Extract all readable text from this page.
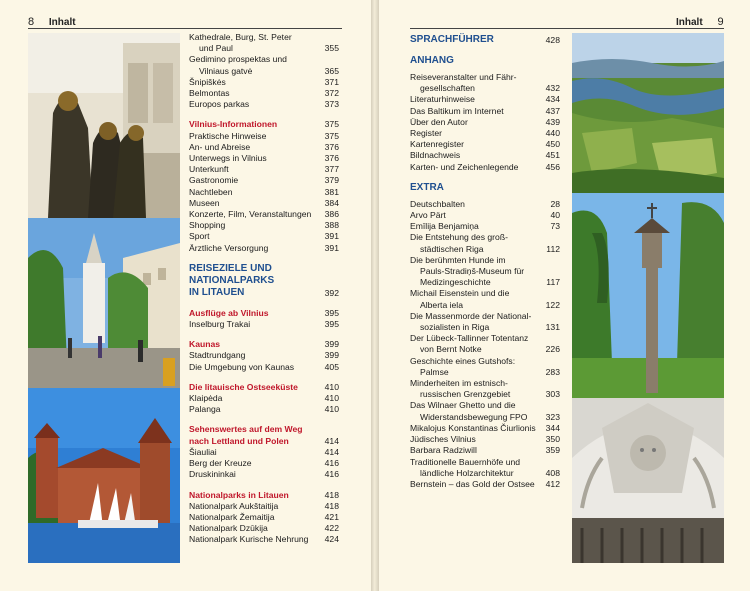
8 Inhalt	Inhalt 9
Kathedrale, Burg, St. Peter
und Paul	355
Gedimino prospektas und
Vilniaus gatvė	365
Šnipiškės	371
Belmontas	372
Europos parkas	373
Vilnius-Informationen	375
Praktische Hinweise	375
An- und Abreise	376
Unterwegs in Vilnius	376
Unterkunft	377
Gastronomie	379
Nachtleben	381
Museen	384
Konzerte, Film, Veranstaltungen	386
Shopping	388
Sport	391
Ärztliche Versorgung	391
REISEZIELE UND
NATIONALPARKS
IN LITAUEN	392
Ausflüge ab Vilnius	395
Inselburg Trakai	395
Kaunas	399
Stadtrundgang	399
Die Umgebung von Kaunas	405
Die litauische Ostseeküste	410
Klaipėda	410
Palanga	410
Sehenswertes auf dem Weg
nach Lettland und Polen	414
Šiauliai	414
Berg der Kreuze	416
Druskininkai	416
Nationalparks in Litauen	418
Nationalpark Aukštaitija	418
Nationalpark Žemaitija	421
Nationalpark Dzūkija	422
Nationalpark Kurische Nehrung	424
SPRACHFÜHRER	428
ANHANG
Reiseveranstalter und Fähr-
gesellschaften	432
Literaturhinweise	434
Das Baltikum im Internet	437
Über den Autor	439
Register	440
Kartenregister	450
Bildnachweis	451
Karten- und Zeichenlegende	456
EXTRA
Deutschbalten	28
Arvo Pärt	40
Emīlija Benjamiņa	73
Die Entstehung des groß-
städtischen Riga	112
Die berühmten Hunde im
Pauls-Stradiņš-Museum für
Medizingeschichte	117
Michail Eisenstein und die
Alberta iela	122
Die Massenmorde der National-
sozialisten in Riga	131
Der Lübeck-Tallinner Totentanz
von Bernt Notke	226
Geschichte eines Gutshofs:
Palmse	283
Minderheiten im estnisch-
russischen Grenzgebiet	303
Das Wilnaer Ghetto und die
Widerstandsbewegung FPO	323
Mikalojus Konstantinas Čiurlionis	344
Jüdisches Vilnius	350
Barbara Radziwill	359
Traditionelle Bauernhöfe und
ländliche Holzarchitektur	408
Bernstein – das Gold der Ostsee	412
